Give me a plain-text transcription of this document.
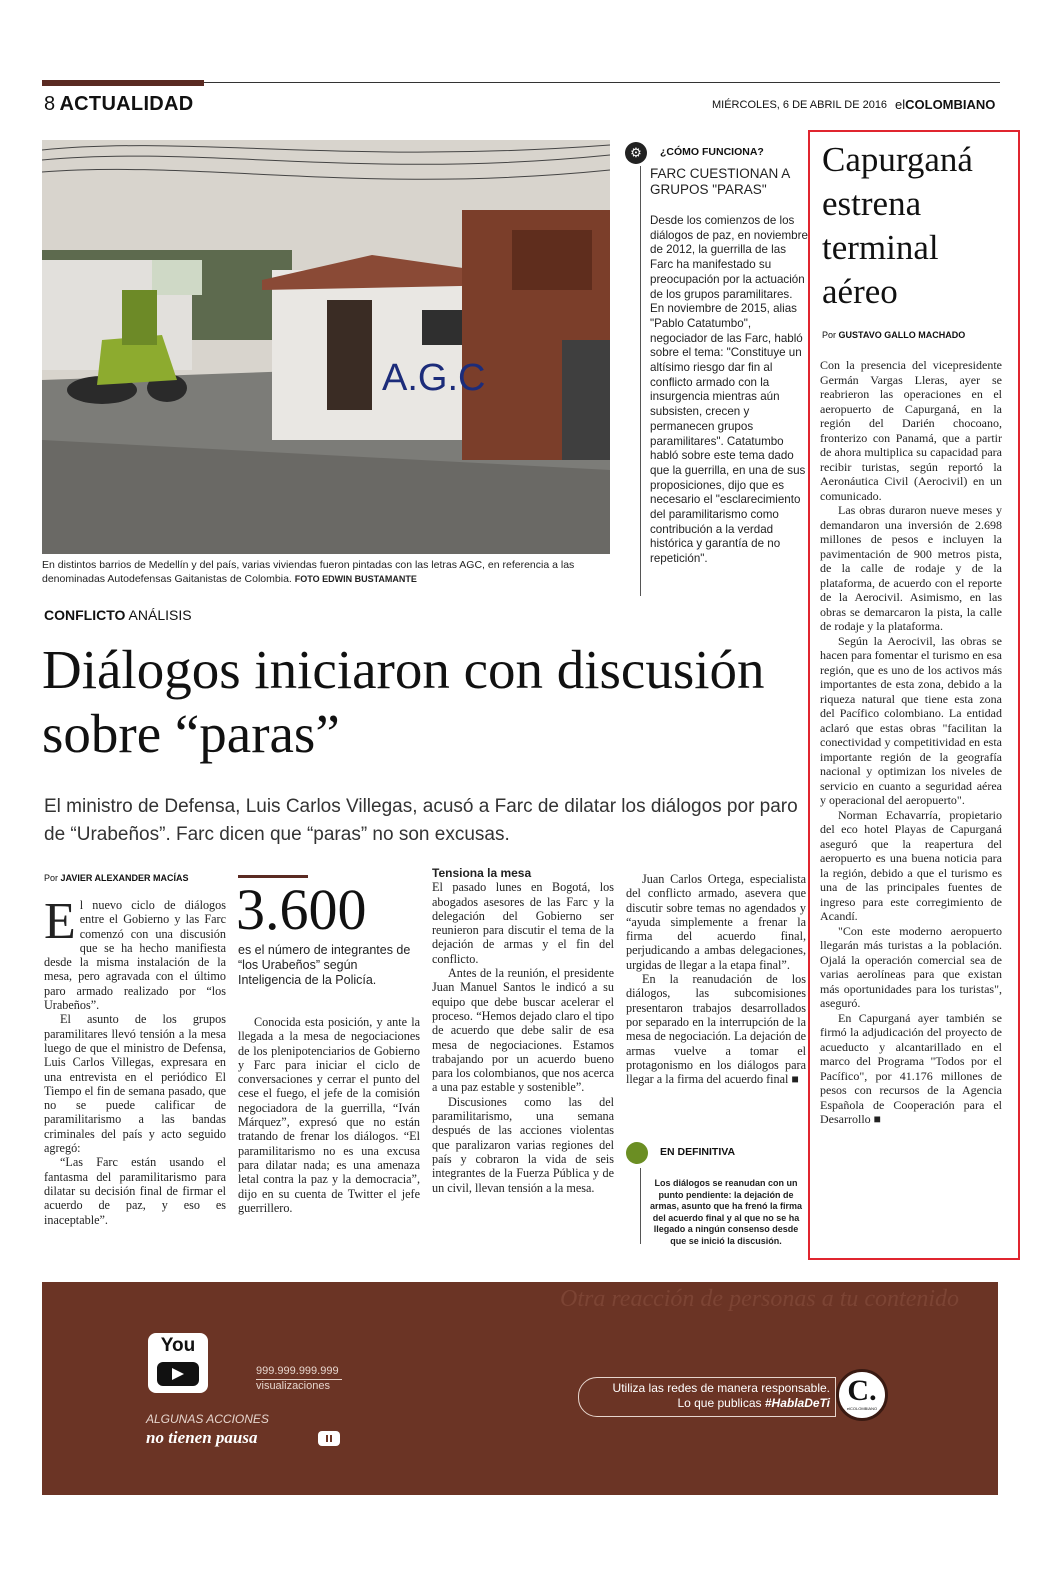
8 ACTUALIDAD	MIÉRCOLES, 6 DE ABRIL DE 2016 elCOLOMBIANO
A.G.C
En distintos barrios de Medellín y del país, varias viviendas fueron pintadas con las letras AGC, en referencia a las denominadas Autodefensas Gaitanistas de Colombia. FOTO EDWIN BUSTAMANTE
⚙	¿CÓMO FUNCIONA?
FARC CUESTIONAN A GRUPOS "PARAS"
Desde los comienzos de los diálogos de paz, en noviembre de 2012, la guerrilla de las Farc ha manifestado su preocupación por la actuación de los grupos paramilitares. En noviembre de 2015, alias "Pablo Catatumbo", negociador de las Farc, habló sobre el tema: "Constituye un altísimo riesgo dar fin al conflicto armado con la insurgencia mientras aún subsisten, crecen y permanecen grupos paramilitares". Catatumbo habló sobre este tema dado que la guerrilla, en una de sus proposiciones, dijo que es necesario el "esclarecimiento del paramilitarismo como contribución a la verdad histórica y garantía de no repetición".
Capurganá estrena terminal aéreo
Por GUSTAVO GALLO MACHADO

Con la presencia del vicepresidente Germán Vargas Lleras, ayer se reabrieron las operaciones en el aeropuerto de Capurganá, en la región del Darién chocoano, fronterizo con Panamá, que a partir de ahora multiplica su capacidad para recibir turistas, según reportó la Aeronáutica Civil (Aerocivil) en un comunicado.

Las obras duraron nueve meses y demandaron una inversión de 2.698 millones de pesos e incluyen la pavimentación de 900 metros pista, de la calle de rodaje y de la plataforma, de acuerdo con el reporte de la Aerocivil. Asimismo, en las obras se demarcaron la pista, la calle de rodaje y la plataforma.

Según la Aerocivil, las obras se hacen para fomentar el turismo en esa región, que es uno de los activos más importantes de esta zona, debido a la riqueza natural que tiene esta zona del Pacífico colombiano. La entidad aclaró que estas obras "facilitan la conectividad y competitividad en esta importante región de la geografía nacional y optimizan los niveles de servicio en cuanto a seguridad aérea y operacional del aeropuerto".

Norman Echavarría, propietario del eco hotel Playas de Capurganá aseguró que la reapertura del aeropuerto es una buena noticia para la región, debido a que el turismo es una de las principales fuentes de ingreso para este corregimiento de Acandí.

"Con este moderno aeropuerto llegarán más turistas a la población. Ojalá la operación comercial sea de varias aerolíneas para que existan más oportunidades para los turistas", aseguró.

En Capurganá ayer también se firmó la adjudicación del proyecto de acueducto y alcantarillado en el marco del Programa "Todos por el Pacífico", por 41.176 millones de pesos con recursos de la Agencia Española de Cooperación para el Desarrollo ■

CONFLICTO ANÁLISIS
Diálogos iniciaron con discusión sobre “paras”
El ministro de Defensa, Luis Carlos Villegas, acusó a Farc de dilatar los diálogos por paro de “Urabeños”. Farc dicen que “paras” no son excusas.
Por JAVIER ALEXANDER MACÍAS

El nuevo ciclo de diálogos entre el Gobierno y las Farc comenzó con una discusión que se ha hecho manifiesta desde la misma instalación de la mesa, pero agravada con el último paro armado realizado por “los Urabeños”.

El asunto de los grupos paramilitares llevó tensión a la mesa luego de que el ministro de Defensa, Luis Carlos Villegas, expresara en una entrevista en el periódico El Tiempo el fin de semana pasado, que no se puede calificar de paramilitarismo a las bandas criminales del país y acto seguido agregó:

“Las Farc están usando el fantasma del paramilitarismo para dilatar su decisión final de firmar el acuerdo de paz, y eso es inaceptable”.

3.600
es el número de integrantes de “los Urabeños” según Inteligencia de la Policía.

Conocida esta posición, y ante la llegada a la mesa de negociaciones de los plenipotenciarios de Gobierno y Farc para iniciar el ciclo de conversaciones y cerrar el punto del cese el fuego, el jefe de la comisión negociadora de la guerrilla, “Iván Márquez”, expresó que no están tratando de frenar los diálogos. “El paramilitarismo no es una excusa para dilatar nada; es una amenaza letal contra la paz y la democracia”, dijo en su cuenta de Twitter el jefe guerrillero.

Tensiona la mesa

El pasado lunes en Bogotá, los abogados asesores de las Farc y la delegación del Gobierno ser reunieron para discutir el tema de la dejación de armas y el fin del conflicto.

Antes de la reunión, el presidente Juan Manuel Santos le indicó a su equipo que debe buscar acelerar el proceso. “Hemos dejado claro el tipo de acuerdo que debe salir de esa mesa de negociaciones. Estamos trabajando por un acuerdo bueno para los colombianos, que nos acerca a una paz estable y sostenible”.

Discusiones como las del paramilitarismo, una semana después de las acciones violentas que paralizaron varias regiones del país y cobraron la vida de seis integrantes de la Fuerza Pública y de un civil, llevan tensión a la mesa.

Juan Carlos Ortega, especialista del conflicto armado, asevera que discutir sobre temas no agendados y “ayuda simplemente a frenar la firma del acuerdo final, perjudicando a ambas delegaciones, urgidas de llegar a la etapa final”.

En la reanudación de los diálogos, las subcomisiones presentaron trabajos desarrollados por separado en la interrupción de la mesa de negociación. La dejación de armas vuelve a tomar el protagonismo en los diálogos para llegar a la firma del acuerdo final ■

EN DEFINITIVA
Los diálogos se reanudan con un punto pendiente: la dejación de armas, asunto que ha frenó la firma del acuerdo final y al que no se ha llegado a ningún consenso desde que se inició la discusión.
Otra reacción de personas a tu contenido
You
999.999.999.999
visualizaciones
ALGUNAS ACCIONES
no tienen pausa
Utiliza las redes de manera responsable.
Lo que publicas #HablaDeTi C.
elCOLOMBIANO
